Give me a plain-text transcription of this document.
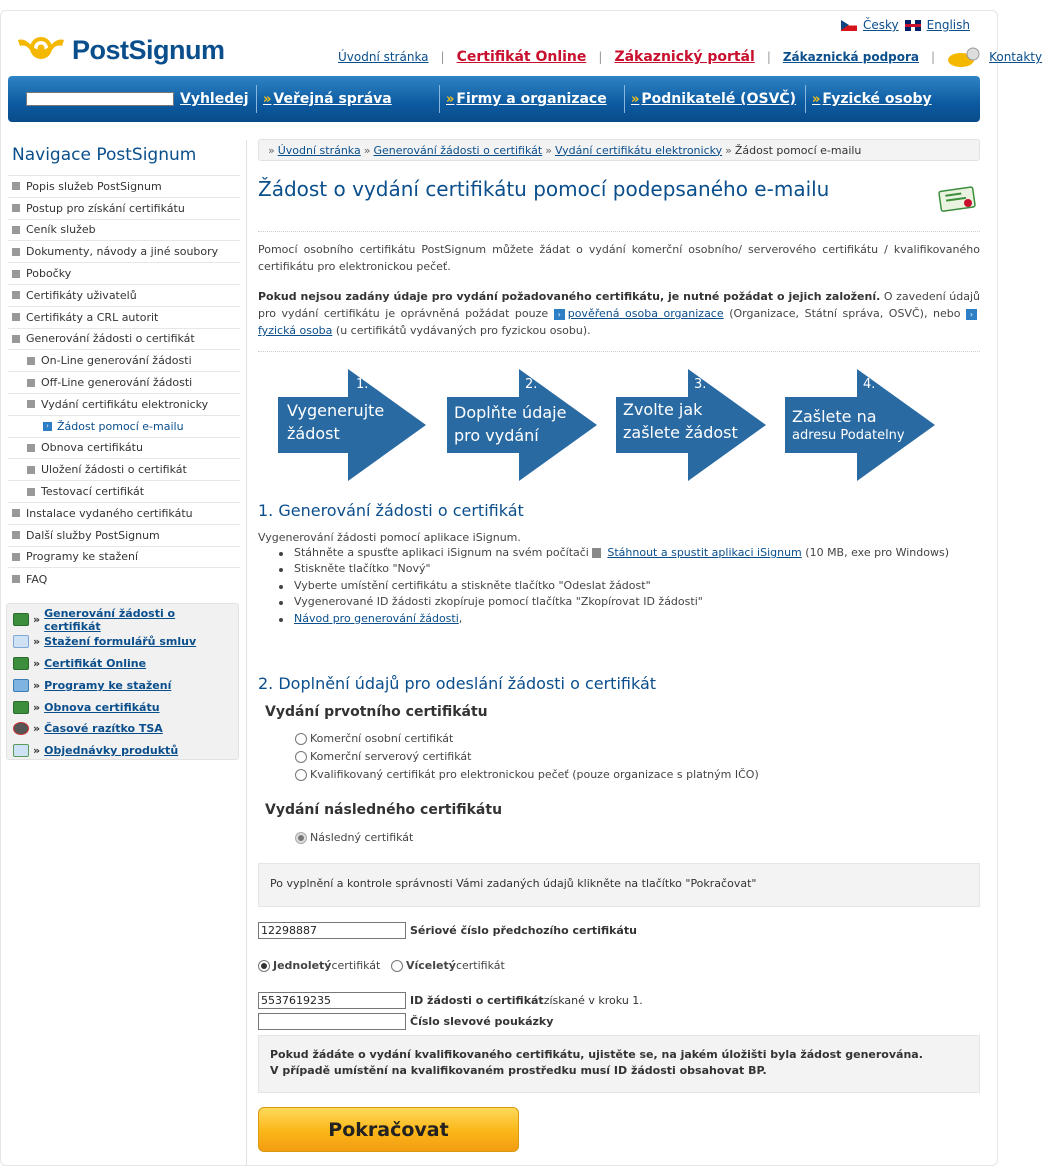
Česky English
PostSignum	Úvodní stránka | Certifikát Online | Zákaznický portál | Zákaznická podpora |	Kontakty
Vyhledej	» Veřejná správa	» Firmy a organizace » Podnikatelé (OSVČ) » Fyzické osoby
Navigace PostSignum
Popis služeb PostSignum
Postup pro získání certifikátu
Ceník služeb
Dokumenty, návody a jiné soubory
Pobočky
Certifikáty uživatelů
Certifikáty a CRL autorit
Generování žádosti o certifikát
On-Line generování žádosti
Off-Line generování žádosti
Vydání certifikátu elektronicky
› Žádost pomocí e-mailu
Obnova certifikátu
Uložení žádosti o certifikát
Testovací certifikát
Instalace vydaného certifikátu
Další služby PostSignum
Programy ke stažení
FAQ
» Generování žádosti o certifikát
» Stažení formulářů smluv
» Certifikát Online
» Programy ke stažení
» Obnova certifikátu
» Časové razítko TSA
» Objednávky produktů
» Úvodní stránka » Generování žádosti o certifikát » Vydání certifikátu elektronicky » Žádost pomocí e-mailu
Žádost o vydání certifikátu pomocí podepsaného e-mailu

Pomocí osobního certifikátu PostSignum můžete žádat o vydání komerční osobního/ serverového certifikátu / kvalifikovaného certifikátu pro elektronickou pečeť.

Pokud nejsou zadány údaje pro vydání požadovaného certifikátu, je nutné požádat o jejich založení. O zavedení údajů pro vydání certifikátu je oprávněná požádat pouze › pověřená osoba organizace (Organizace, Státní správa, OSVČ), nebo ›fyzická osoba (u certifikátů vydávaných pro fyzickou osobu).

1.
Vygenerujte
žádost
2.
Doplňte údaje
pro vydání
3.
Zvolte jak
zašlete žádost
4.
Zašlete na
adresu Podatelny
1. Generování žádosti o certifikát

Vygenerování žádosti pomocí aplikace iSignum.

Stáhněte a spusťte aplikaci iSignum na svém počítači Stáhnout a spustit aplikaci iSignum (10 MB, exe pro Windows)
Stiskněte tlačítko "Nový"
Vyberte umístění certifikátu a stiskněte tlačítko "Odeslat žádost"
Vygenerované ID žádosti zkopíruje pomocí tlačítka "Zkopírovat ID žádosti"
Návod pro generování žádosti,
2. Doplnění údajů pro odeslání žádosti o certifikát
Vydání prvotního certifikátu
Komerční osobní certifikát
Komerční serverový certifikát
Kvalifikovaný certifikát pro elektronickou pečeť (pouze organizace s platným IČO)
Vydání následného certifikátu
Následný certifikát
Po vyplnění a kontrole správnosti Vámi zadaných údajů klikněte na tlačítko "Pokračovat"
12298887
Sériové číslo předchozího certifikátu
Jednoletý certifikát Víceletý certifikát
5537619235
ID žádosti o certifikát získané v kroku 1.
Číslo slevové poukázky
Pokud žádáte o vydání kvalifikovaného certifikátu, ujistěte se, na jakém úložišti byla žádost generována.
V případě umístění na kvalifikovaném prostředku musí ID žádosti obsahovat BP.
Pokračovat
